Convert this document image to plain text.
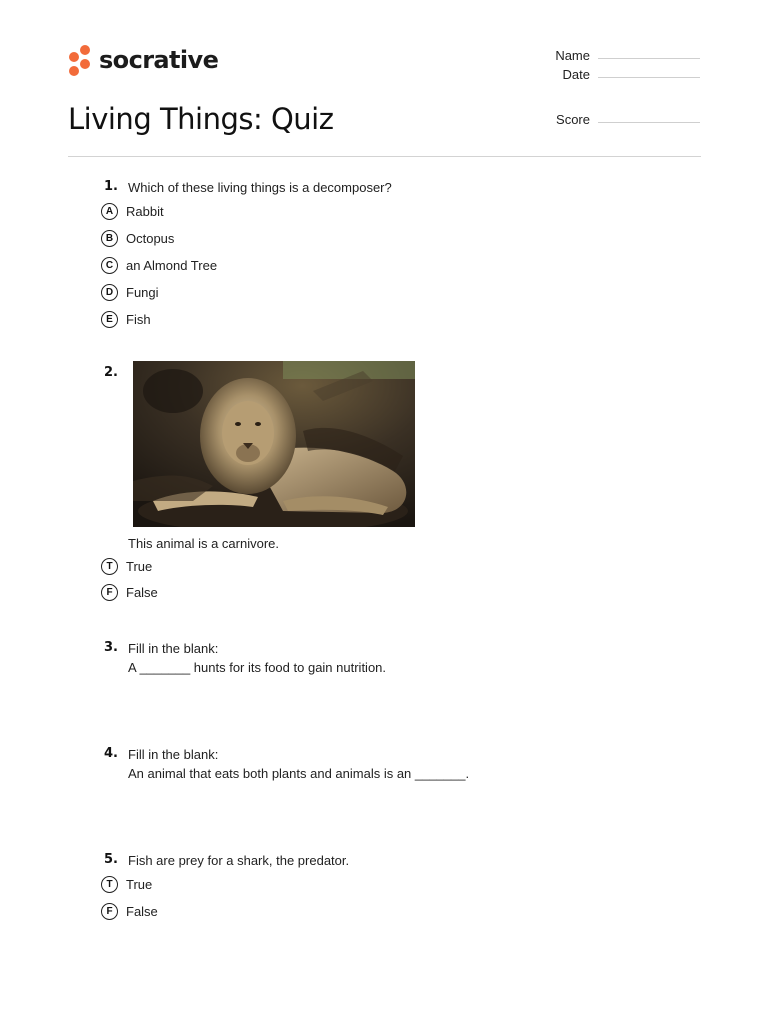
socrative
Living Things: Quiz
Name
Date
Score
1. Which of these living things is a decomposer?
A Rabbit
B Octopus
C an Almond Tree
D Fungi
E	Fish
2.
This animal is a carnivore.
T	True
F	False
3. Fill in the blank:
A _______ hunts for its food to gain nutrition.
4. Fill in the blank:
An animal that eats both plants and animals is an _______.
5. Fish are prey for a shark, the predator.
T	True
F	False
